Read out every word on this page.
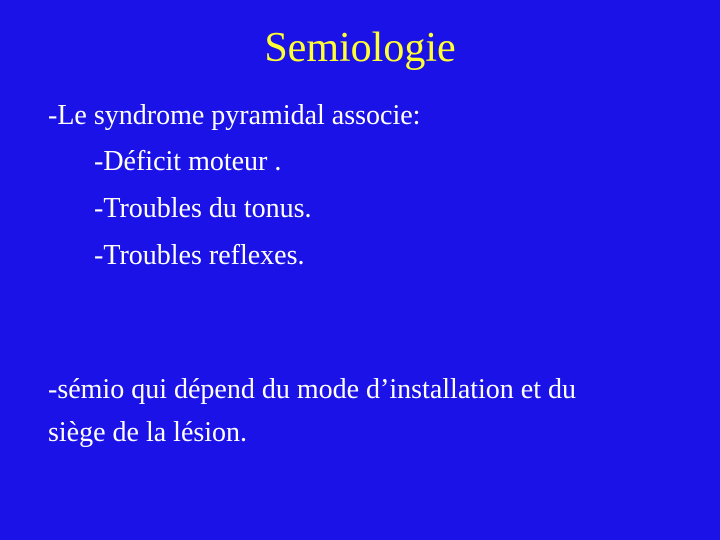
Semiologie
-Le syndrome pyramidal associe:
-Déficit moteur .
-Troubles du tonus.
-Troubles reflexes.
-sémio qui dépend du mode d’installation et du
siège de la lésion.
